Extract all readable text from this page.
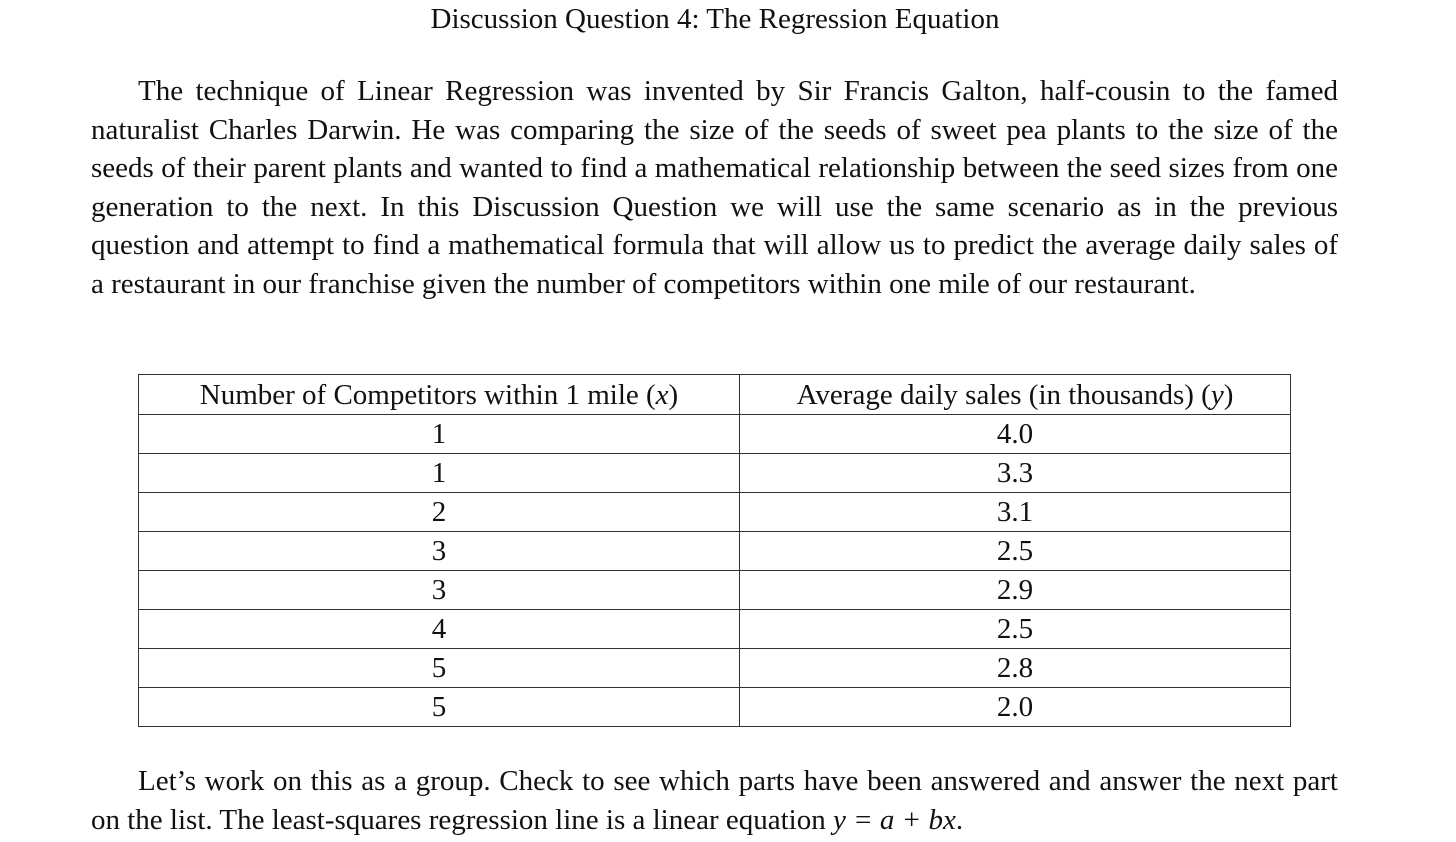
Discussion Question 4: The Regression Equation

The technique of Linear Regression was invented by Sir Francis Galton, half-cousin to the famed naturalist Charles Darwin. He was comparing the size of the seeds of sweet pea plants to the size of the seeds of their parent plants and wanted to find a mathematical relationship between the seed sizes from one generation to the next. In this Discussion Question we will use the same scenario as in the previous question and attempt to find a mathematical formula that will allow us to predict the average daily sales of a restaurant in our franchise given the number of competitors within one mile of our restaurant.

Number of Competitors within 1 mile (x)	Average daily sales (in thousands) (y)
1	4.0
1	3.3
2	3.1
3	2.5
3	2.9
4	2.5
5	2.8
5	2.0

Let’s work on this as a group. Check to see which parts have been answered and answer the next part on the list. The least-squares regression line is a linear equation y = a + bx.
